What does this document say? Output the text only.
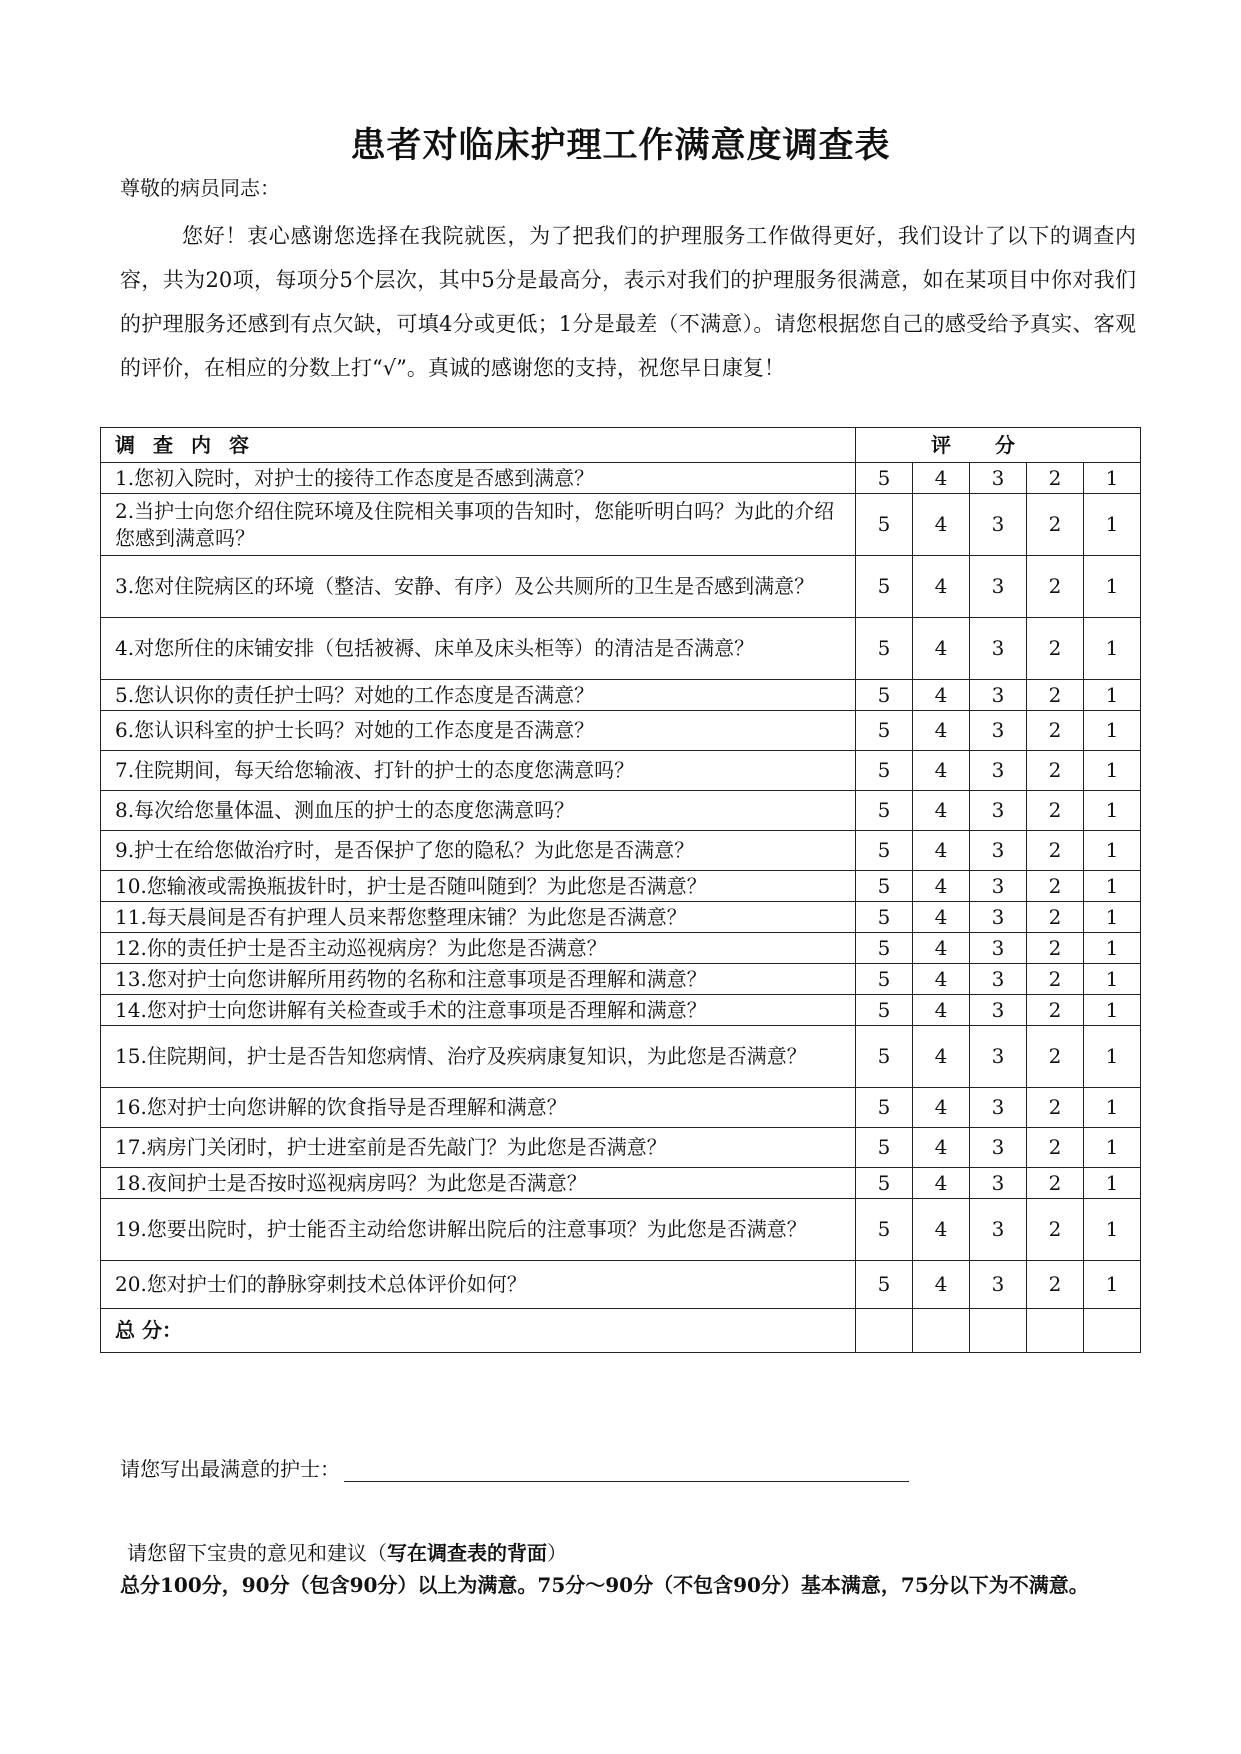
患者对临床护理工作满意度调查表
尊敬的病员同志：
您好！衷心感谢您选择在我院就医，为了把我们的护理服务工作做得更好，我们设计了以下的调查内容，共为20项，每项分5个层次，其中5分是最高分，表示对我们的护理服务很满意，如在某项目中你对我们的护理服务还感到有点欠缺，可填4分或更低；1分是最差（不满意）。请您根据您自己的感受给予真实、客观的评价，在相应的分数上打“√”。真诚的感谢您的支持，祝您早日康复！
调查内容	评分				
1.您初入院时，对护士的接待工作态度是否感到满意？	5	4	3	2	1
2.当护士向您介绍住院环境及住院相关事项的告知时，您能听明白吗？为此的介绍您感到满意吗？	5	4	3	2	1
3.您对住院病区的环境（整洁、安静、有序）及公共厕所的卫生是否感到满意？	5	4	3	2	1
4.对您所住的床铺安排（包括被褥、床单及床头柜等）的清洁是否满意？	5	4	3	2	1
5.您认识你的责任护士吗？对她的工作态度是否满意？	5	4	3	2	1
6.您认识科室的护士长吗？对她的工作态度是否满意？	5	4	3	2	1
7.住院期间，每天给您输液、打针的护士的态度您满意吗？	5	4	3	2	1
8.每次给您量体温、测血压的护士的态度您满意吗？	5	4	3	2	1
9.护士在给您做治疗时，是否保护了您的隐私？为此您是否满意？	5	4	3	2	1
10.您输液或需换瓶拔针时，护士是否随叫随到？为此您是否满意？	5	4	3	2	1
11.每天晨间是否有护理人员来帮您整理床铺？为此您是否满意？	5	4	3	2	1
12.你的责任护士是否主动巡视病房？为此您是否满意？	5	4	3	2	1
13.您对护士向您讲解所用药物的名称和注意事项是否理解和满意？	5	4	3	2	1
14.您对护士向您讲解有关检查或手术的注意事项是否理解和满意？	5	4	3	2	1
15.住院期间，护士是否告知您病情、治疗及疾病康复知识，为此您是否满意？	5	4	3	2	1
16.您对护士向您讲解的饮食指导是否理解和满意？	5	4	3	2	1
17.病房门关闭时，护士进室前是否先敲门？为此您是否满意？	5	4	3	2	1
18.夜间护士是否按时巡视病房吗？为此您是否满意？	5	4	3	2	1
19.您要出院时，护士能否主动给您讲解出院后的注意事项？为此您是否满意？	5	4	3	2	1
20.您对护士们的静脉穿刺技术总体评价如何？	5	4	3	2	1
总 分：					
请您写出最满意的护士：
请您留下宝贵的意见和建议（写在调查表的背面）
总分100分，90分（包含90分）以上为满意。75分～90分（不包含90分）基本满意，75分以下为不满意。
